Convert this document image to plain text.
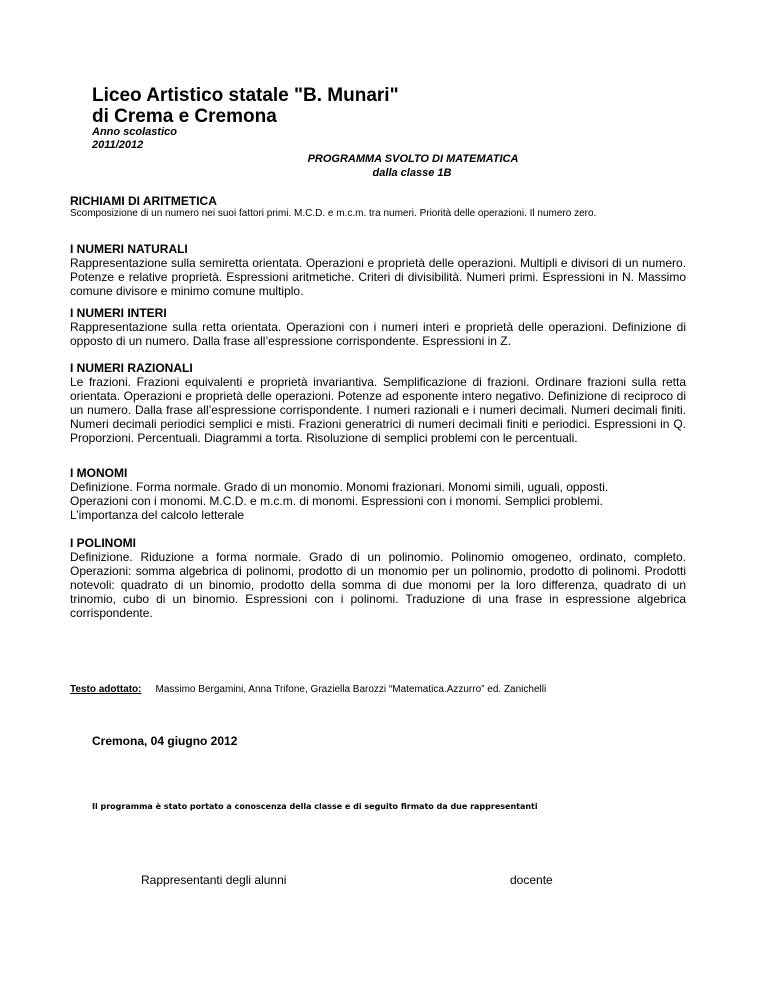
Liceo Artistico statale "B. Munari"
di Crema e Cremona
Anno scolastico
2011/2012
PROGRAMMA SVOLTO DI MATEMATICA
dalla classe 1B
RICHIAMI DI ARITMETICA

Scomposizione di un numero nei suoi fattori primi. M.C.D. e m.c.m. tra numeri. Priorità delle operazioni. Il numero zero.

I NUMERI NATURALI

Rappresentazione sulla semiretta orientata. Operazioni e proprietà delle operazioni. Multipli e divisori di un numero. Potenze e relative proprietà. Espressioni aritmetiche. Criteri di divisibilità. Numeri primi. Espressioni in N. Massimo comune divisore e minimo comune multiplo.

I NUMERI INTERI

Rappresentazione sulla retta orientata. Operazioni con i numeri interi e proprietà delle operazioni. Definizione di opposto di un numero. Dalla frase all’espressione corrispondente. Espressioni in Z.

I NUMERI RAZIONALI

Le frazioni. Frazioni equivalenti e proprietà invariantiva. Semplificazione di frazioni. Ordinare frazioni sulla retta orientata. Operazioni e proprietà delle operazioni. Potenze ad esponente intero negativo. Definizione di reciproco di un numero. Dalla frase all’espressione corrispondente. I numeri razionali e i numeri decimali. Numeri decimali finiti. Numeri decimali periodici semplici e misti. Frazioni generatrici di numeri decimali finiti e periodici. Espressioni in Q. Proporzioni. Percentuali. Diagrammi a torta. Risoluzione di semplici problemi con le percentuali.

I MONOMI

Definizione. Forma normale. Grado di un monomio. Monomi frazionari. Monomi simili, uguali, opposti.

Operazioni con i monomi. M.C.D. e m.c.m. di monomi. Espressioni con i monomi. Semplici problemi.

L’importanza del calcolo letterale

I POLINOMI

Definizione. Riduzione a forma normale. Grado di un polinomio. Polinomio omogeneo, ordinato, completo. Operazioni: somma algebrica di polinomi, prodotto di un monomio per un polinomio, prodotto di polinomi. Prodotti notevoli: quadrato di un binomio, prodotto della somma di due monomi per la loro differenza, quadrato di un trinomio, cubo di un binomio. Espressioni con i polinomi. Traduzione di una frase in espressione algebrica corrispondente.

Testo adottato: Massimo Bergamini, Anna Trifone, Graziella Barozzi “Matematica.Azzurro” ed. Zanichelli
Cremona, 04 giugno 2012
Il programma è stato portato a conoscenza della classe e di seguito firmato da due rappresentanti
Rappresentanti degli alunni	docente
